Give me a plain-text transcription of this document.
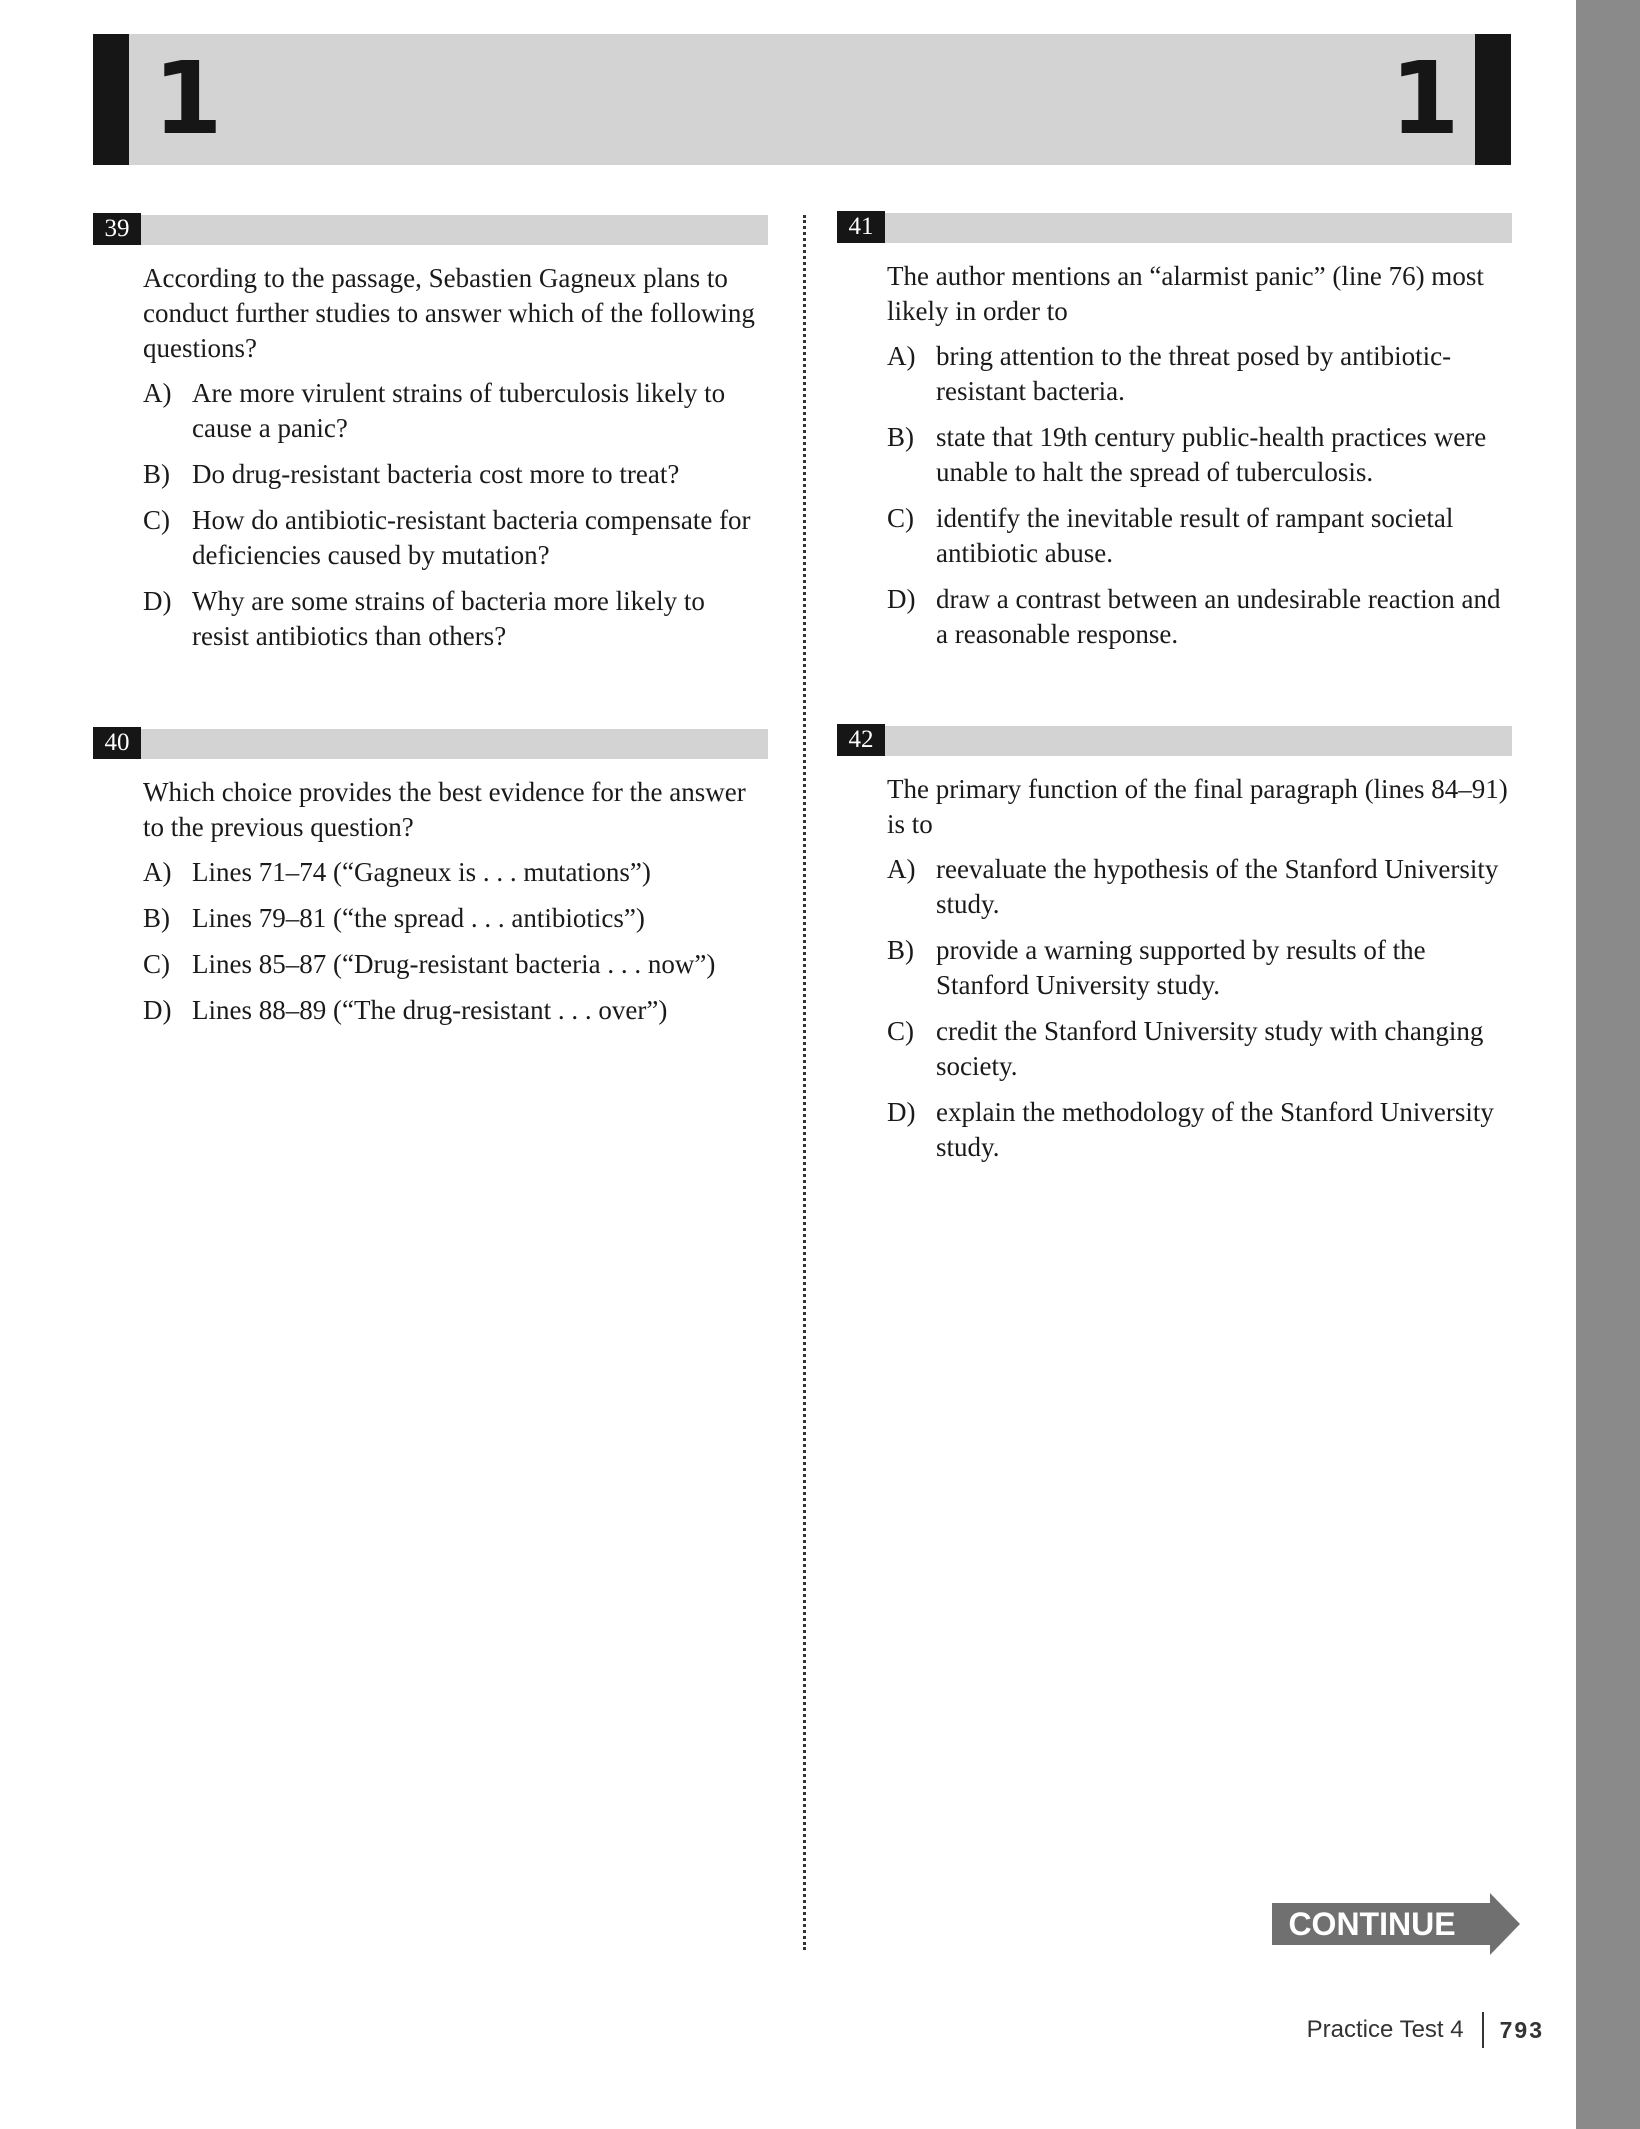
1	1
39

According to the passage, Sebastien Gagneux plans to conduct further studies to answer which of the following questions?

A) Are more virulent strains of tuberculosis likely to cause a panic?
B) Do drug-resistant bacteria cost more to treat?
C) How do antibiotic-resistant bacteria compensate for deficiencies caused by mutation?
D) Why are some strains of bacteria more likely to resist antibiotics than others?
40

Which choice provides the best evidence for the answer to the previous question?

A) Lines 71–74 (“Gagneux is . . . mutations”)
B) Lines 79–81 (“the spread . . . antibiotics”)
C) Lines 85–87 (“Drug-resistant bacteria . . . now”)
D) Lines 88–89 (“The drug-resistant . . . over”)
41

The author mentions an “alarmist panic” (line 76) most likely in order to

A) bring attention to the threat posed by antibiotic-resistant bacteria.
B) state that 19th century public-health practices were unable to halt the spread of tuberculosis.
C) identify the inevitable result of rampant societal antibiotic abuse.
D) draw a contrast between an undesirable reaction and a reasonable response.
42

The primary function of the final paragraph (lines 84–91) is to

A) reevaluate the hypothesis of the Stanford University study.
B) provide a warning supported by results of the Stanford University study.
C) credit the Stanford University study with changing society.
D) explain the methodology of the Stanford University study.
CONTINUE
Practice Test 4 793
